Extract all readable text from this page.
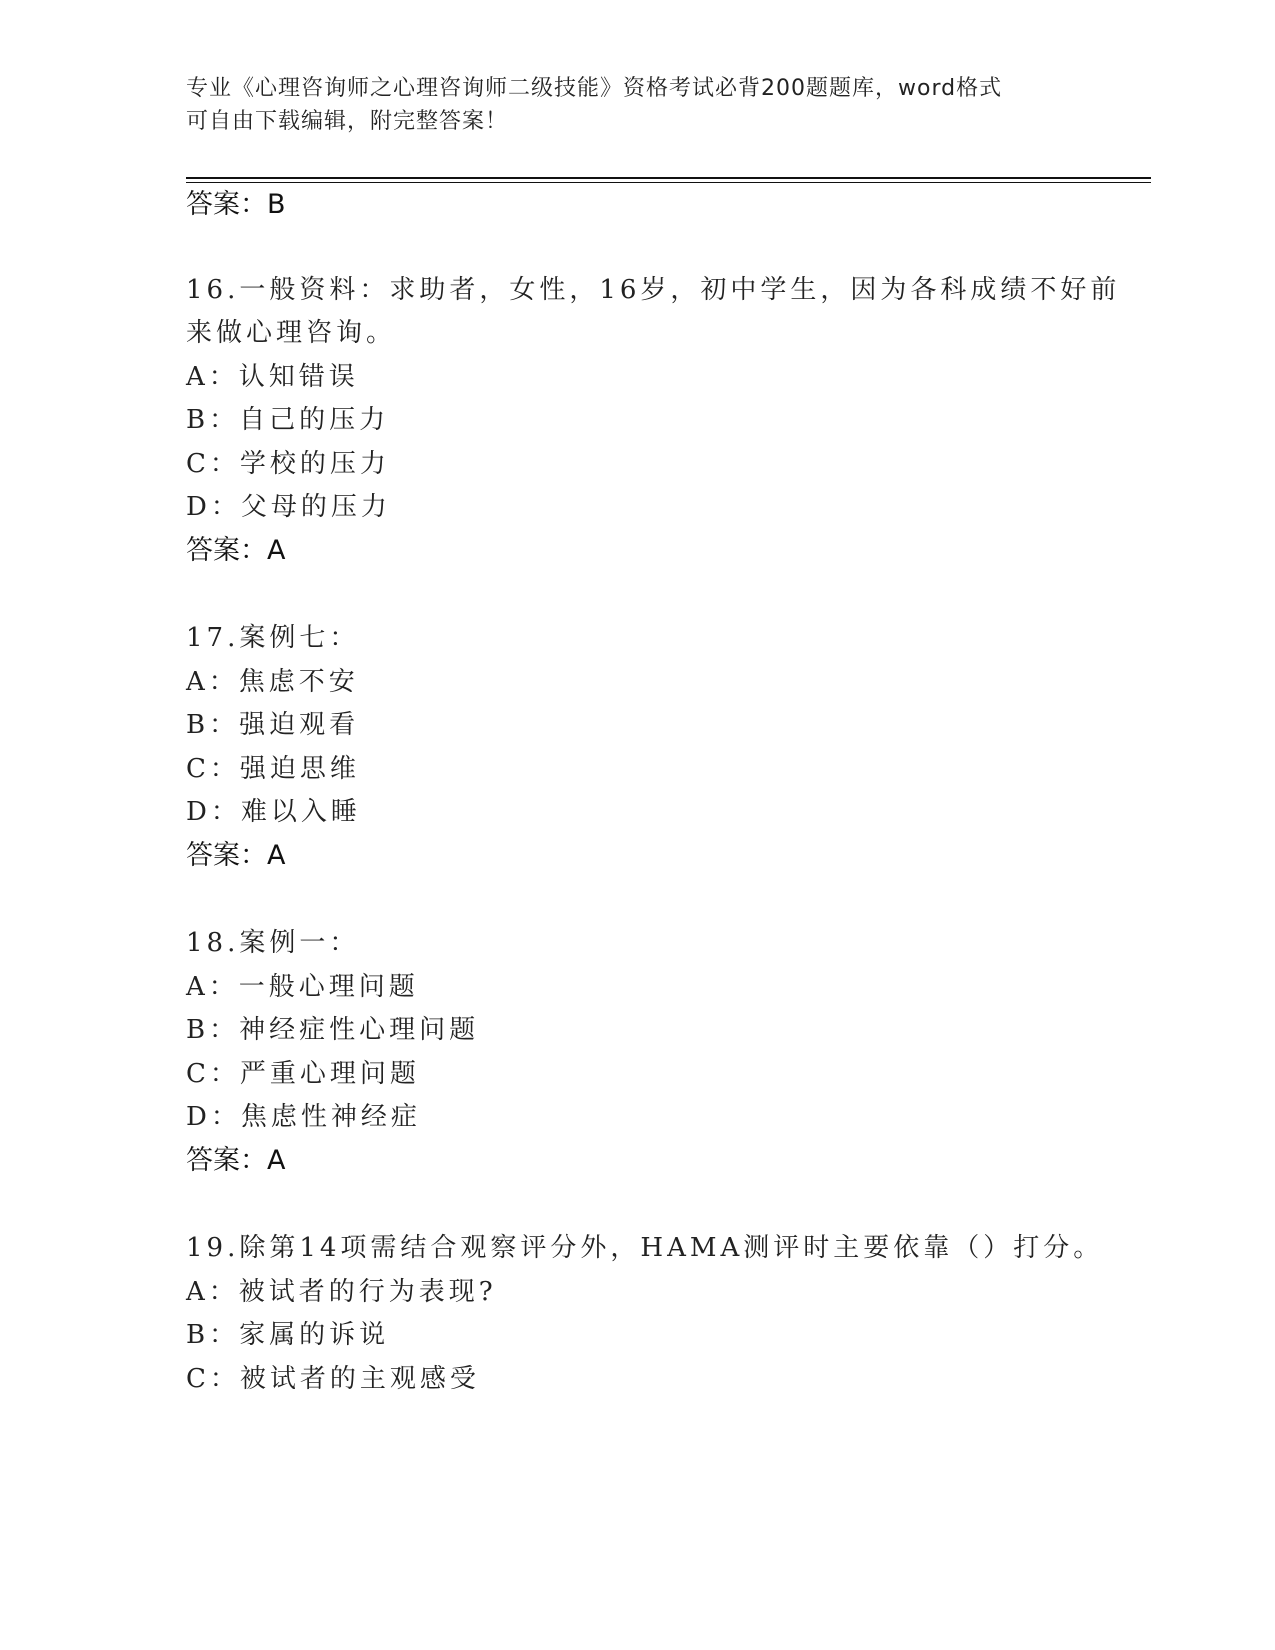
专业《心理咨询师之心理咨询师二级技能》资格考试必背200题题库，word格式
可自由下载编辑，附完整答案！
答案：B
16.一般资料：求助者，女性，16岁，初中学生，因为各科成绩不好前
来做心理咨询。
A：认知错误
B：自己的压力
C：学校的压力
D：父母的压力
答案：A
17.案例七：
A：焦虑不安
B：强迫观看
C：强迫思维
D：难以入睡
答案：A
18.案例一：
A：一般心理问题
B：神经症性心理问题
C：严重心理问题
D：焦虑性神经症
答案：A
19.除第14项需结合观察评分外，HAMA测评时主要依靠（）打分。
A：被试者的行为表现?
B：家属的诉说
C：被试者的主观感受
